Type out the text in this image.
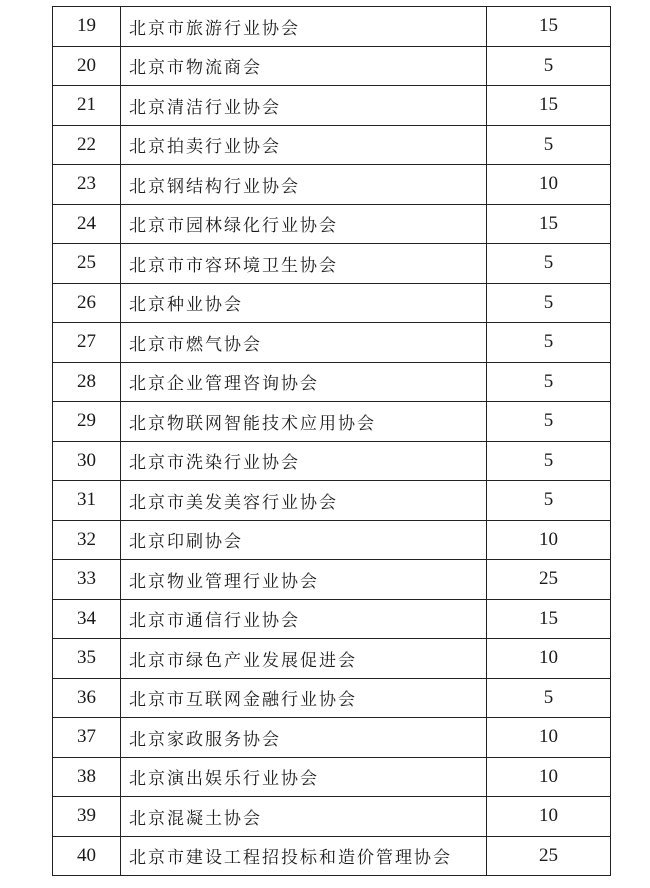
19	北京市旅游行业协会	15
20	北京市物流商会	5
21	北京清洁行业协会	15
22	北京拍卖行业协会	5
23	北京钢结构行业协会	10
24	北京市园林绿化行业协会	15
25	北京市市容环境卫生协会	5
26	北京种业协会	5
27	北京市燃气协会	5
28	北京企业管理咨询协会	5
29	北京物联网智能技术应用协会	5
30	北京市洗染行业协会	5
31	北京市美发美容行业协会	5
32	北京印刷协会	10
33	北京物业管理行业协会	25
34	北京市通信行业协会	15
35	北京市绿色产业发展促进会	10
36	北京市互联网金融行业协会	5
37	北京家政服务协会	10
38	北京演出娱乐行业协会	10
39	北京混凝土协会	10
40	北京市建设工程招投标和造价管理协会	25
